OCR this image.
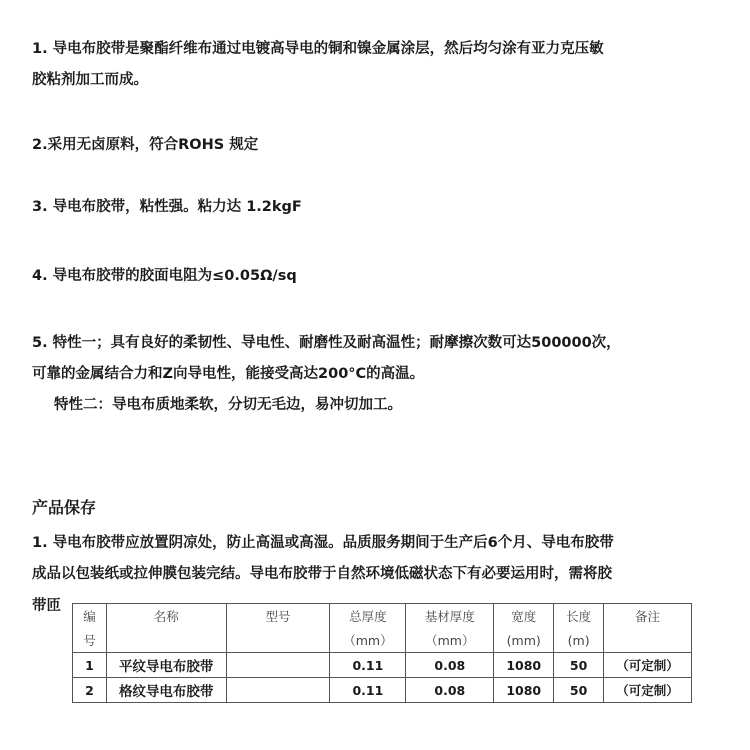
1. 导电布胶带是聚酯纤维布通过电镀高导电的铜和镍金属涂层，然后均匀涂有亚力克压敏
胶粘剂加工而成。
2.采用无卤原料，符合ROHS 规定
3. 导电布胶带，粘性强。粘力达 1.2kgF
4. 导电布胶带的胶面电阻为≤0.05Ω/sq
5. 特性一；具有良好的柔韧性、导电性、耐磨性及耐高温性；耐摩擦次数可达500000次，
可靠的金属结合力和Z向导电性，能接受高达200°C的高温。
特性二：导电布质地柔软，分切无毛边，易冲切加工。
产品保存
1. 导电布胶带应放置阴凉处，防止高温或高湿。品质服务期间于生产后6个月、导电布胶带
成品以包装纸或拉伸膜包装完结。导电布胶带于自然环境低磁状态下有必要运用时，需将胶
带匝
编	名称	型号	总厚度	基材厚度	宽度	长度	备注
号			（mm）	（mm）	(mm)	(m)	
1	平纹导电布胶带		0.11	0.08	1080	50	（可定制）
2	格纹导电布胶带		0.11	0.08	1080	50	（可定制）
